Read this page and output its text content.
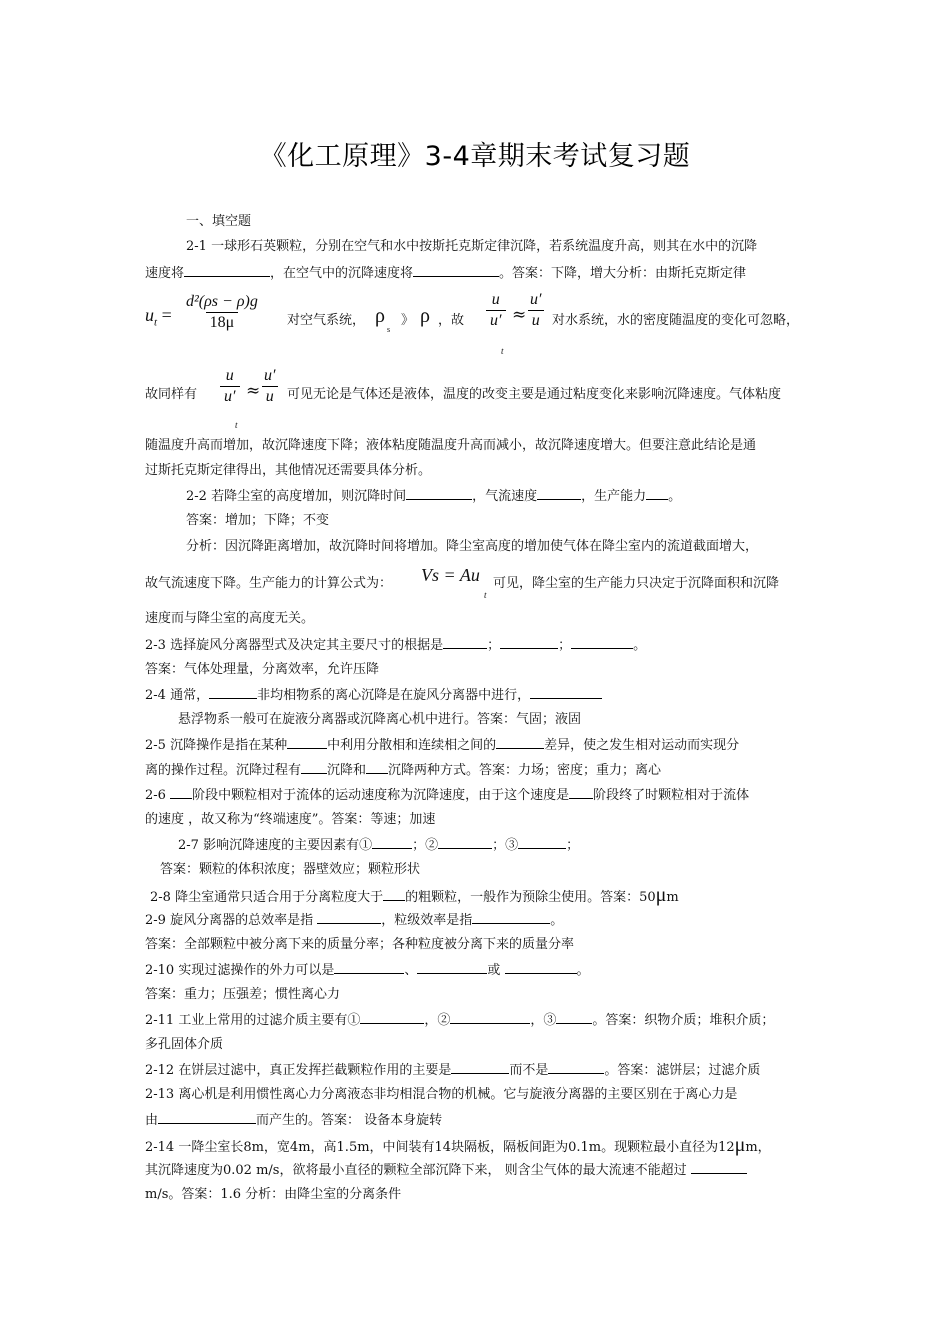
《化工原理》3-4章期末考试复习题
一、填空题
2-1 一球形石英颗粒，分别在空气和水中按斯托克斯定律沉降，若系统温度升高，则其在水中的沉降
速度将	，在空气中的沉降速度将	。答案：下降，增大分析：由斯托克斯定律
$u_t = \frac{\text{d²(ρs − ρ)g}}{18\mu}$ 对空气系统， ρ
s
》 ρ ，故 $\frac{u}{u'}$
t
≈ $\frac{u'}{u}$ 对水系统，水的密度随温度的变化可忽略，
故同样有 $\frac{u}{u'}$
t
≈ $\frac{u'}{u}$ 可见无论是气体还是液体，温度的改变主要是通过粘度变化来影响沉降速度。气体粘度
随温度升高而增加，故沉降速度下降；液体粘度随温度升高而减小，故沉降速度增大。但要注意此结论是通
过斯托克斯定律得出，其他情况还需要具体分析。
2-2 若降尘室的高度增加，则沉降时间	，气流速度	，生产能力 。
答案：增加；下降；不变
分析：因沉降距离增加，故沉降时间将增加。降尘室高度的增加使气体在降尘室内的流道截面增大，
故气流速度下降。生产能力的计算公式为： Vs = Au
t
可见，降尘室的生产能力只决定于沉降面积和沉降
速度而与降尘室的高度无关。
2-3 选择旋风分离器型式及决定其主要尺寸的根据是	；	；	。
答案：气体处理量，分离效率，允许压降
2-4 通常，	非均相物系的离心沉降是在旋风分离器中进行，
悬浮物系一般可在旋液分离器或沉降离心机中进行。答案：气固；液固
2-5 沉降操作是指在某种	中利用分散相和连续相之间的	差异，使之发生相对运动而实现分
离的操作过程。沉降过程有 沉降和 沉降两种方式。答案：力场；密度；重力；离心
2-6 阶段中颗粒相对于流体的运动速度称为沉降速度，由于这个速度是 阶段终了时颗粒相对于流体
的速度 ，故又称为“终端速度”。答案：等速；加速
2-7 影响沉降速度的主要因素有①	；②	；③	；
答案：颗粒的体积浓度；器壁效应；颗粒形状
2-8 降尘室通常只适合用于分离粒度大于 的粗颗粒，一般作为预除尘使用。答案：50μm
2-9 旋风分离器的总效率是指	，粒级效率是指	。
答案：全部颗粒中被分离下来的质量分率；各种粒度被分离下来的质量分率
2-10 实现过滤操作的外力可以是	、	或	。
答案：重力；压强差；惯性离心力
2-11 工业上常用的过滤介质主要有①	，②	，③	。答案：织物介质；堆积介质；
多孔固体介质
2-12 在饼层过滤中，真正发挥拦截颗粒作用的主要是	而不是	。答案：滤饼层；过滤介质
2-13 离心机是利用惯性离心力分离液态非均相混合物的机械。它与旋液分离器的主要区别在于离心力是
由	而产生的。答案： 设备本身旋转
2-14 一降尘室长8m，宽4m，高1.5m，中间装有14块隔板，隔板间距为0.1m。现颗粒最小直径为12μm，
其沉降速度为0.02 m/s，欲将最小直径的颗粒全部沉降下来， 则含尘气体的最大流速不能超过
m/s。答案：1.6 分析：由降尘室的分离条件
